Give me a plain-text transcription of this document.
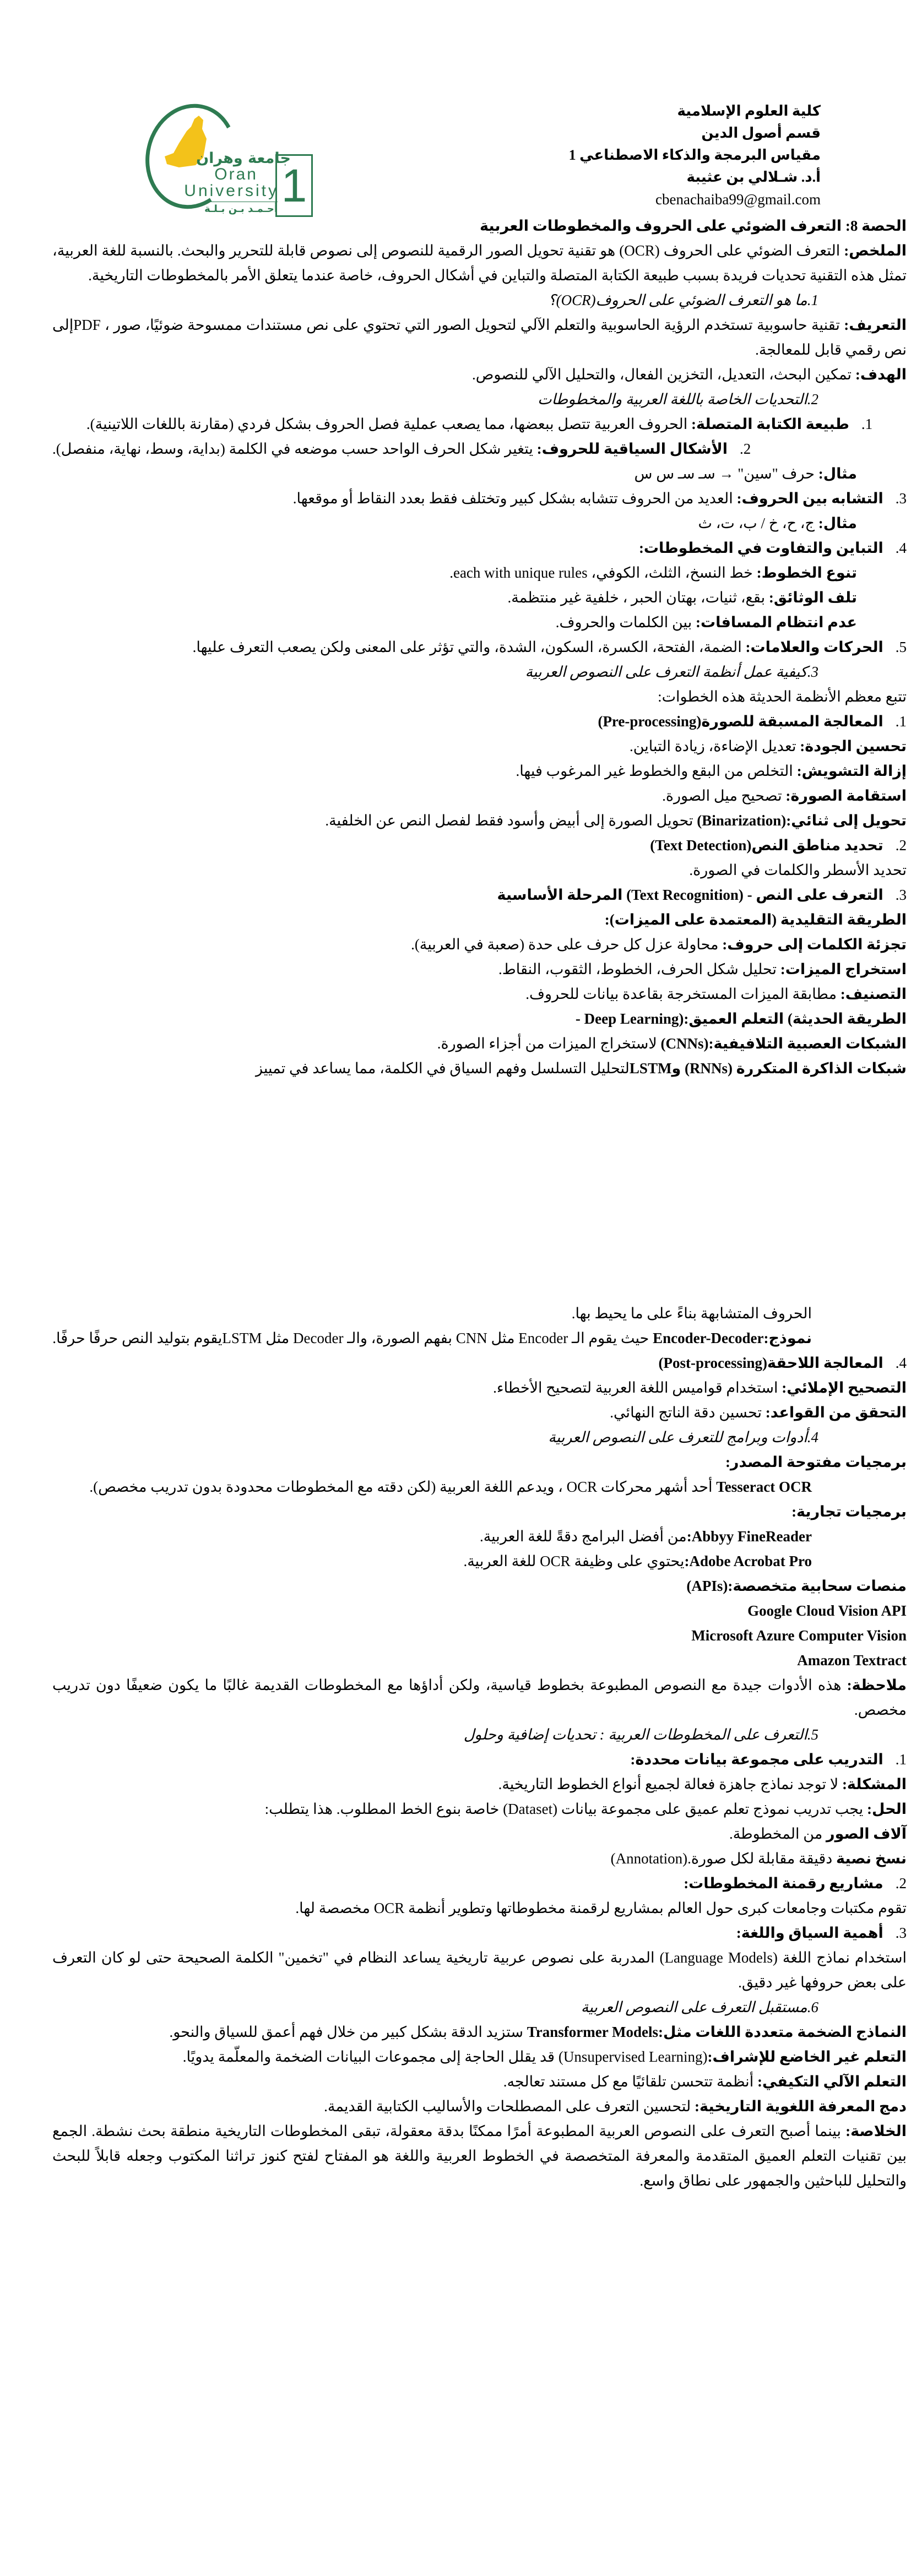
كلية العلوم الإسلامية
قسم أصول الدين
مقياس البرمجة والذكاء الاصطناعي 1
أ.د. شـلالي بن عثيبة
cbenachaiba99@gmail.com
جامعة وهران
Oran
University
أحـمـد بـن بـلـة 1
الحصة 8: التعرف الضوئي على الحروف والمخطوطات العربية
الملخص: التعرف الضوئي على الحروف (OCR) هو تقنية تحويل الصور الرقمية للنصوص إلى نصوص قابلة للتحرير والبحث. بالنسبة للغة العربية، تمثل هذه التقنية تحديات فريدة بسبب طبيعة الكتابة المتصلة والتباين في أشكال الحروف، خاصة عندما يتعلق الأمر بالمخطوطات التاريخية.
1.ما هو التعرف الضوئي على الحروف(OCR)؟
التعريف: تقنية حاسوبية تستخدم الرؤية الحاسوبية والتعلم الآلي لتحويل الصور التي تحتوي على نص مستندات ممسوحة ضوئيًا، صور ، PDFإلى نص رقمي قابل للمعالجة.
الهدف: تمكين البحث، التعديل، التخزين الفعال، والتحليل الآلي للنصوص.
2.التحديات الخاصة باللغة العربية والمخطوطات
1.طبيعة الكتابة المتصلة: الحروف العربية تتصل ببعضها، مما يصعب عملية فصل الحروف بشكل فردي (مقارنة باللغات اللاتينية).
2.الأشكال السياقية للحروف: يتغير شكل الحرف الواحد حسب موضعه في الكلمة (بداية، وسط، نهاية، منفصل).
مثال: حرف "سين" → سـ سـ س س
3.التشابه بين الحروف: العديد من الحروف تتشابه بشكل كبير وتختلف فقط بعدد النقاط أو موقعها.
مثال: ج، ح، خ / ب، ت، ث
4.التباين والتفاوت في المخطوطات:
تنوع الخطوط: خط النسخ، الثلث، الكوفي، each with unique rules.
تلف الوثائق: بقع، ثنيات، بهتان الحبر ، خلفية غير منتظمة.
عدم انتظام المسافات: بين الكلمات والحروف.
5.الحركات والعلامات: الضمة، الفتحة، الكسرة، السكون، الشدة، والتي تؤثر على المعنى ولكن يصعب التعرف عليها.
3.كيفية عمل أنظمة التعرف على النصوص العربية
تتبع معظم الأنظمة الحديثة هذه الخطوات:
1.المعالجة المسبقة للصورة(Pre-processing)
تحسين الجودة: تعديل الإضاءة، زيادة التباين.
إزالة التشويش: التخلص من البقع والخطوط غير المرغوب فيها.
استقامة الصورة: تصحيح ميل الصورة.
تحويل إلى ثنائي:(Binarization) تحويل الصورة إلى أبيض وأسود فقط لفصل النص عن الخلفية.
2.تحديد مناطق النص(Text Detection)
تحديد الأسطر والكلمات في الصورة.
3.التعرف على النص - (Text Recognition) المرحلة الأساسية
الطريقة التقليدية (المعتمدة على الميزات):
تجزئة الكلمات إلى حروف: محاولة عزل كل حرف على حدة (صعبة في العربية).
استخراج الميزات: تحليل شكل الحرف، الخطوط، الثقوب، النقاط.
التصنيف: مطابقة الميزات المستخرجة بقاعدة بيانات للحروف.
الطريقة الحديثة) التعلم العميق:(Deep Learning -
الشبكات العصبية التلافيفية:(CNNs) لاستخراج الميزات من أجزاء الصورة.
شبكات الذاكرة المتكررة (RNNs) وLSTMلتحليل التسلسل وفهم السياق في الكلمة، مما يساعد في تمييز
الحروف المتشابهة بناءً على ما يحيط بها.
نموذج:Encoder-Decoder حيث يقوم الـ Encoder مثل CNN بفهم الصورة، والـ Decoder مثل LSTMيقوم بتوليد النص حرفًا حرفًا.
4.المعالجة اللاحقة(Post-processing)
التصحيح الإملائي: استخدام قواميس اللغة العربية لتصحيح الأخطاء.
التحقق من القواعد: تحسين دقة الناتج النهائي.
4.أدوات وبرامج للتعرف على النصوص العربية
برمجيات مفتوحة المصدر:
Tesseract OCR أحد أشهر محركات OCR ، ويدعم اللغة العربية (لكن دقته مع المخطوطات محدودة بدون تدريب مخصص).
برمجيات تجارية:
Abbyy FineReader:من أفضل البرامج دقةً للغة العربية.
Adobe Acrobat Pro:يحتوي على وظيفة OCR للغة العربية.
منصات سحابية متخصصة:(APIs)
Google Cloud Vision API
Microsoft Azure Computer Vision
Amazon Textract
ملاحظة: هذه الأدوات جيدة مع النصوص المطبوعة بخطوط قياسية، ولكن أداؤها مع المخطوطات القديمة غالبًا ما يكون ضعيفًا دون تدريب مخصص.
5.التعرف على المخطوطات العربية : تحديات إضافية وحلول
1.التدريب على مجموعة بيانات محددة:
المشكلة: لا توجد نماذج جاهزة فعالة لجميع أنواع الخطوط التاريخية.
الحل: يجب تدريب نموذج تعلم عميق على مجموعة بيانات (Dataset) خاصة بنوع الخط المطلوب. هذا يتطلب:
آلاف الصور من المخطوطة.
نسخ نصية دقيقة مقابلة لكل صورة.(Annotation)
2.مشاريع رقمنة المخطوطات:
تقوم مكتبات وجامعات كبرى حول العالم بمشاريع لرقمنة مخطوطاتها وتطوير أنظمة OCR مخصصة لها.
3.أهمية السياق واللغة:
استخدام نماذج اللغة (Language Models) المدربة على نصوص عربية تاريخية يساعد النظام في "تخمين" الكلمة الصحيحة حتى لو كان التعرف على بعض حروفها غير دقيق.
6.مستقبل التعرف على النصوص العربية
النماذج الضخمة متعددة اللغات مثل:Transformer Models ستزيد الدقة بشكل كبير من خلال فهم أعمق للسياق والنحو.
التعلم غير الخاضع للإشراف:(Unsupervised Learning) قد يقلل الحاجة إلى مجموعات البيانات الضخمة والمعلّمة يدويًا.
التعلم الآلي التكيفي: أنظمة تتحسن تلقائيًا مع كل مستند تعالجه.
دمج المعرفة اللغوية التاريخية: لتحسين التعرف على المصطلحات والأساليب الكتابية القديمة.
الخلاصة: بينما أصبح التعرف على النصوص العربية المطبوعة أمرًا ممكنًا بدقة معقولة، تبقى المخطوطات التاريخية منطقة بحث نشطة. الجمع بين تقنيات التعلم العميق المتقدمة والمعرفة المتخصصة في الخطوط العربية واللغة هو المفتاح لفتح كنوز تراثنا المكتوب وجعله قابلاً للبحث والتحليل للباحثين والجمهور على نطاق واسع.
